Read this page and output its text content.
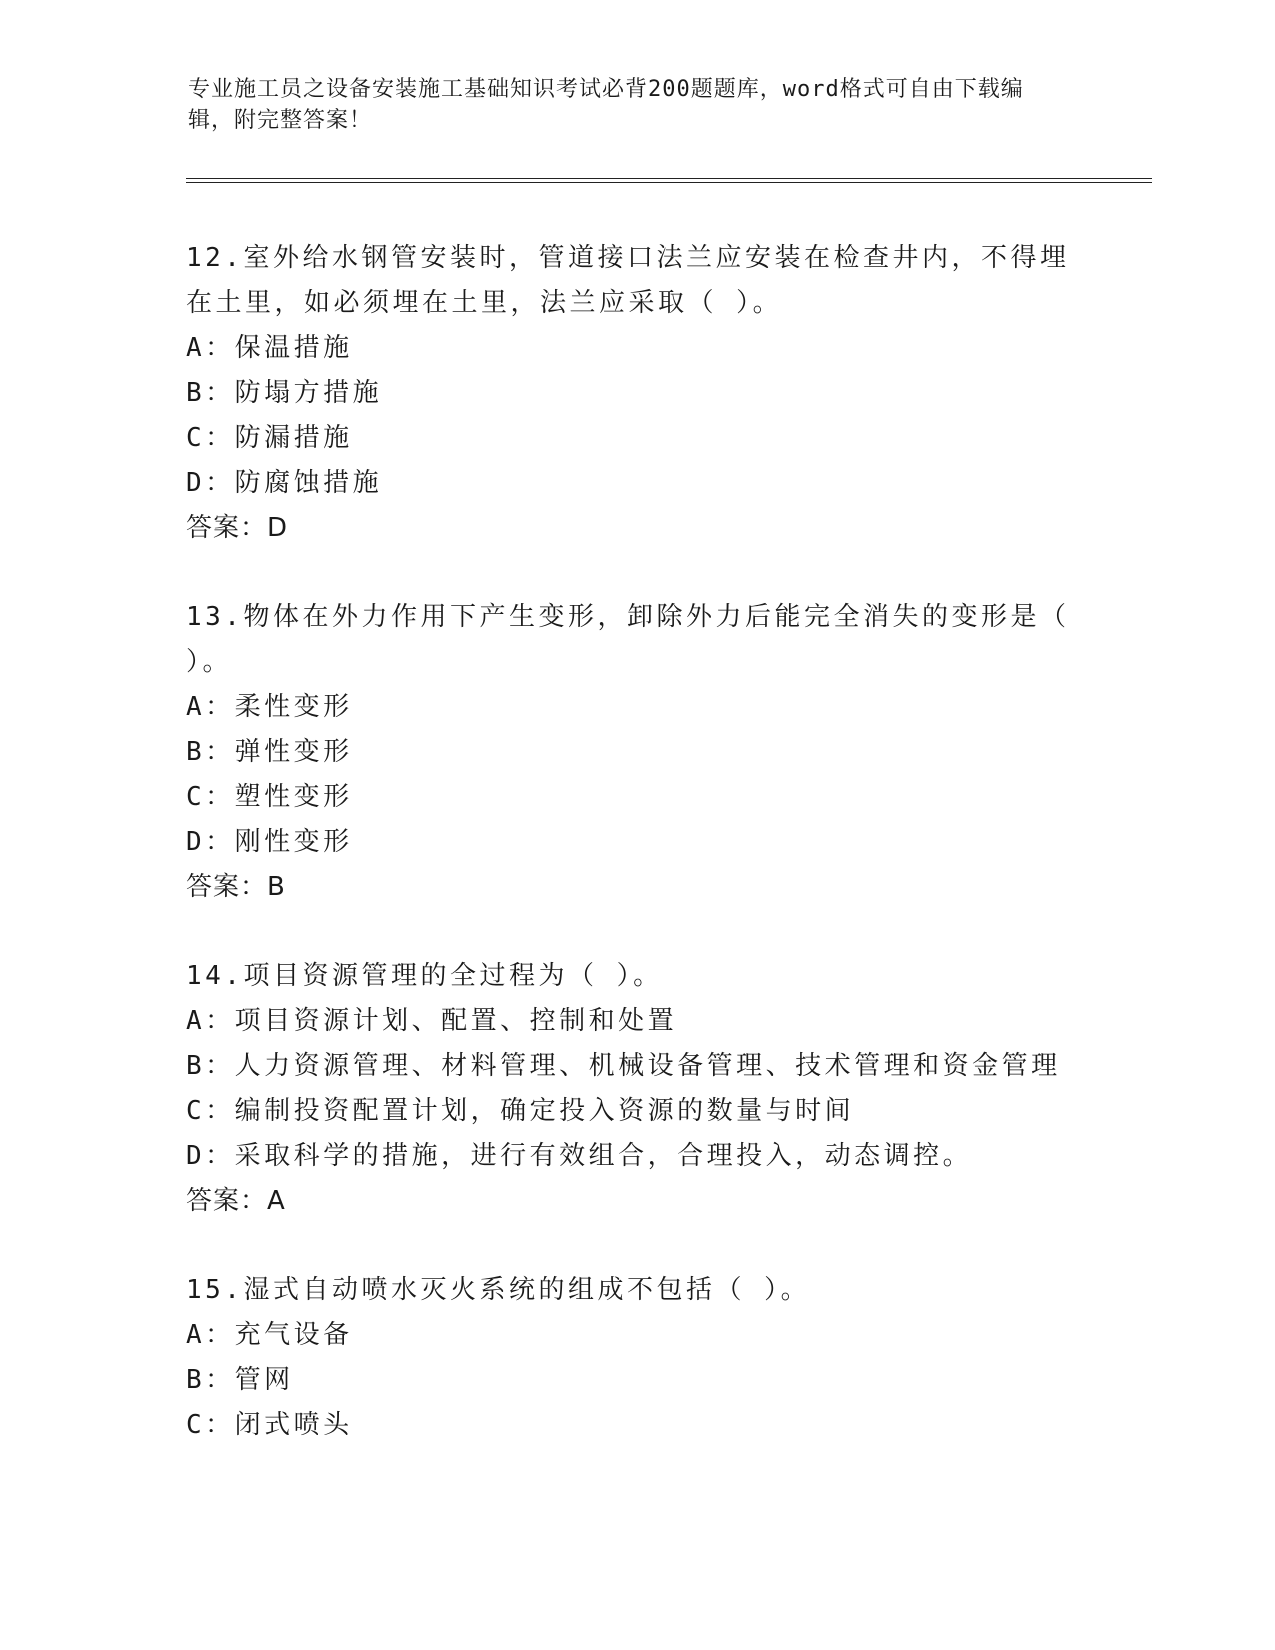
专业施工员之设备安装施工基础知识考试必背200题题库，word格式可自由下载编辑，附完整答案！

12.室外给水钢管安装时，管道接口法兰应安装在检查井内，不得埋在土里，如必须埋在土里，法兰应采取（ ）。

A：保温措施

B：防塌方措施

C：防漏措施

D：防腐蚀措施

答案：D

13.物体在外力作用下产生变形，卸除外力后能完全消失的变形是（ ）。

A：柔性变形

B：弹性变形

C：塑性变形

D：刚性变形

答案：B

14.项目资源管理的全过程为（ ）。

A：项目资源计划、配置、控制和处置

B：人力资源管理、材料管理、机械设备管理、技术管理和资金管理

C：编制投资配置计划，确定投入资源的数量与时间

D：采取科学的措施，进行有效组合，合理投入，动态调控。

答案：A

15.湿式自动喷水灭火系统的组成不包括（ ）。

A：充气设备

B：管网

C：闭式喷头
